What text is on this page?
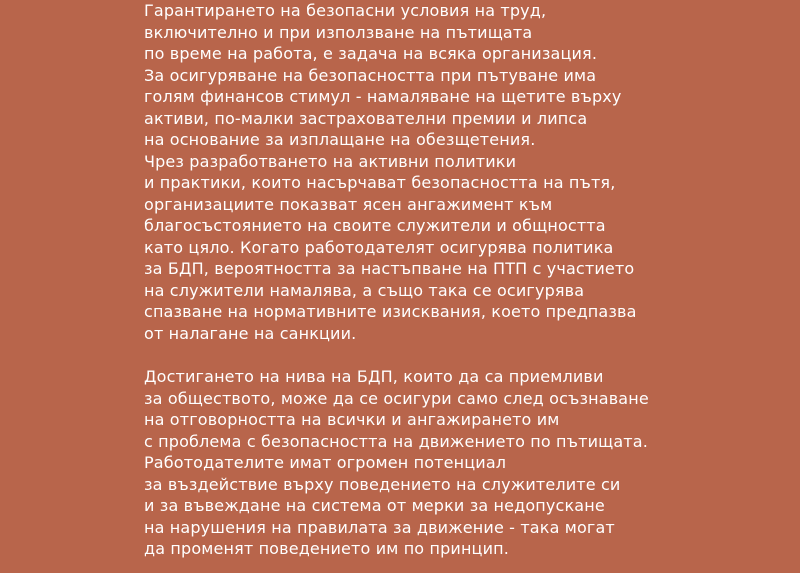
Гарантирането на безопасни условия на труд,
включително и при използване на пътищата
по време на работа, е задача на всяка организация.
За осигуряване на безопасността при пътуване има
голям финансов стимул - намаляване на щетите върху
активи, по-малки застрахователни премии и липса
на основание за изплащане на обезщетения.
Чрез разработването на активни политики
и практики, които насърчават безопасността на пътя,
организациите показват ясен ангажимент към
благосъстоянието на своите служители и общността
като цяло. Когато работодателят осигурява политика
за БДП, вероятността за настъпване на ПТП с участието
на служители намалява, а също така се осигурява
спазване на нормативните изисквания, което предпазва
от налагане на санкции.
Достигането на нива на БДП, които да са приемливи
за обществото, може да се осигури само след осъзнаване
на отговорността на всички и ангажирането им
с проблема с безопасността на движението по пътищата.
Работодателите имат огромен потенциал
за въздействие върху поведението на служителите си
и за въвеждане на система от мерки за недопускане
на нарушения на правилата за движение - така могат
да променят поведението им по принцип.
